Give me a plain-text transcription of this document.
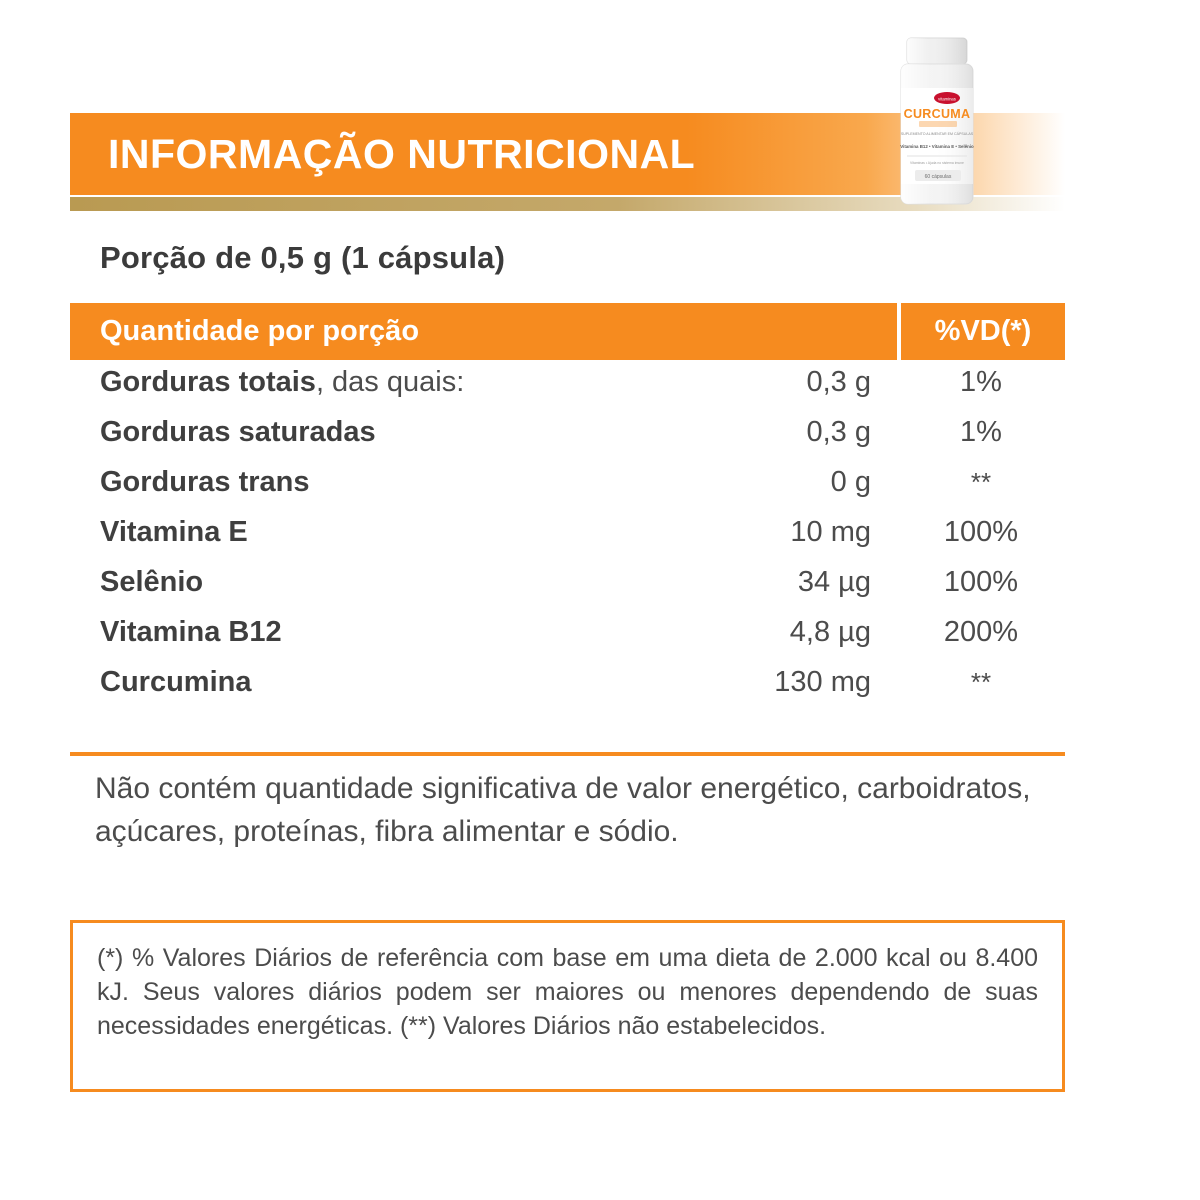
INFORMAÇÃO NUTRICIONAL
vitaminas
CURCUMA
SUPLEMENTO ALIMENTAR EM CÁPSULAS
Vitamina B12 • Vitamina E • Selênio
Vitaminas • Ajuda no sistema imune
60 cápsulas
Porção de 0,5 g (1 cápsula)
Quantidade por porção	%VD(*)
Gorduras totais, das quais:	0,3 g	1%
Gorduras saturadas	0,3 g	1%
Gorduras trans	0 g	**
Vitamina E	10 mg	100%
Selênio	34 µg	100%
Vitamina B12	4,8 µg	200%
Curcumina	130 mg	**
Não contém quantidade significativa de valor energético, carboidratos, açúcares, proteínas, fibra alimentar e sódio.

(*) % Valores Diários de referência com base em uma dieta de 2.000 kcal ou 8.400 kJ. Seus valores diários podem ser maiores ou menores dependendo de suas necessidades energéticas. (**) Valores Diários não estabelecidos.
